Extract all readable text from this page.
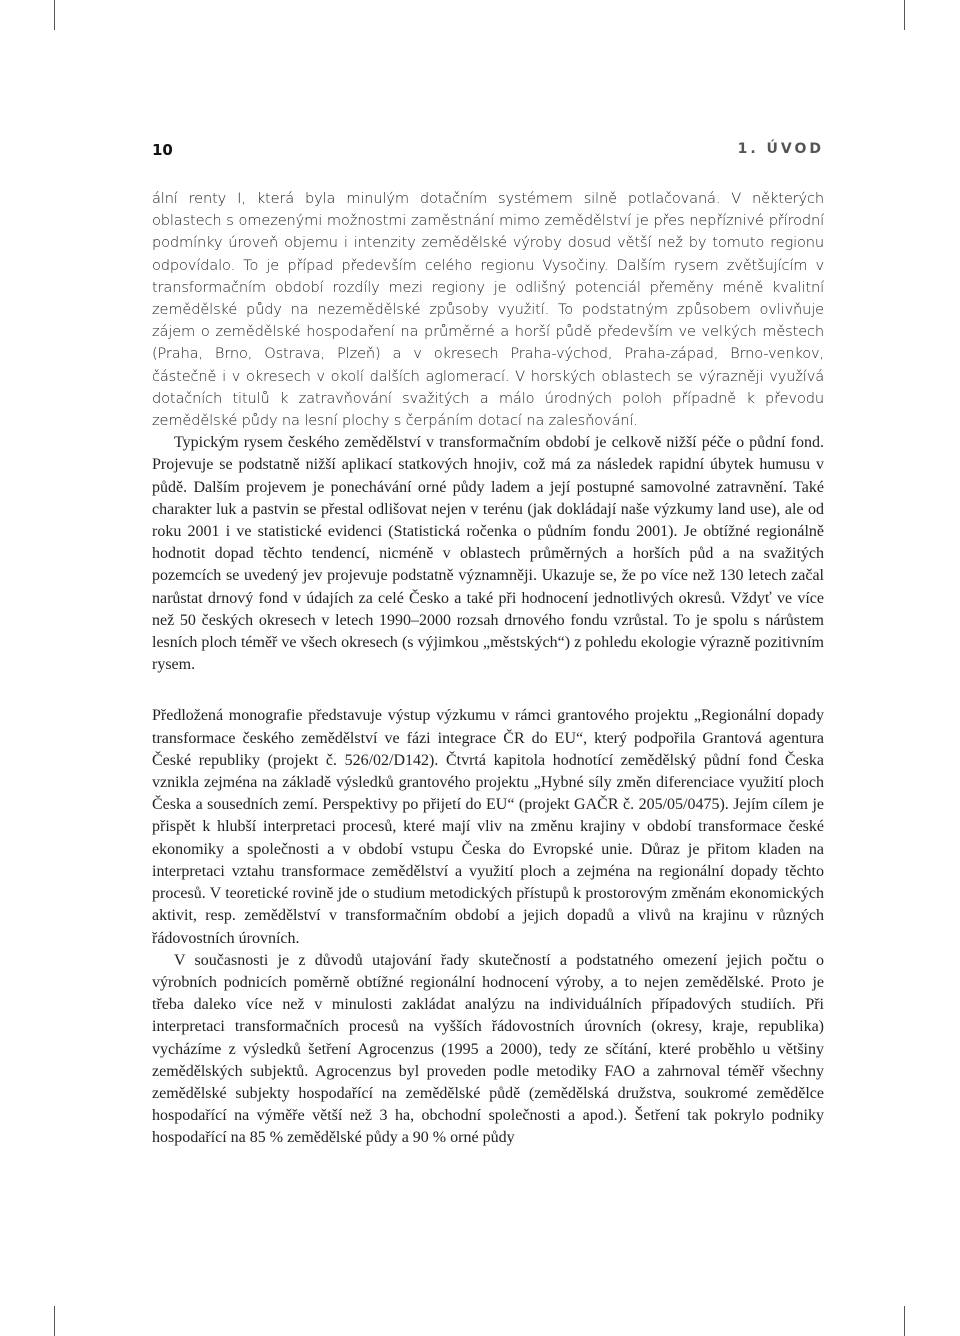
10	1. ÚVOD

ální renty I, která byla minulým dotačním systémem silně potlačovaná. V některých oblastech s omezenými možnostmi zaměstnání mimo zemědělství je přes nepříznivé přírodní podmínky úroveň objemu i intenzity zemědělské výroby dosud větší než by tomuto regionu odpovídalo. To je případ především celého regionu Vysočiny. Dalším rysem zvětšujícím v transformačním období rozdíly mezi regiony je odlišný potenciál přeměny méně kvalitní zemědělské půdy na nezemědělské způsoby využití. To podstatným způsobem ovlivňuje zájem o zemědělské hospodaření na průměrné a horší půdě především ve velkých městech (Praha, Brno, Ostrava, Plzeň) a v okresech Praha-východ, Praha-západ, Brno-venkov, částečně i v okresech v okolí dalších aglomerací. V horských oblastech se výrazněji využívá dotačních titulů k zatravňování svažitých a málo úrodných poloh případně k převodu zemědělské půdy na lesní plochy s čerpáním dotací na zalesňování.

Typickým rysem českého zemědělství v transformačním období je celkově nižší péče o půdní fond. Projevuje se podstatně nižší aplikací statkových hnojiv, což má za následek rapidní úbytek humusu v půdě. Dalším projevem je ponechávání orné půdy ladem a její postupné samovolné zatravnění. Také charakter luk a pastvin se přestal odlišovat nejen v terénu (jak dokládají naše výzkumy land use), ale od roku 2001 i ve statistické evidenci (Statistická ročenka o půdním fondu 2001). Je obtížné regionálně hodnotit dopad těchto tendencí, nicméně v oblastech průměrných a horších půd a na svažitých pozemcích se uvedený jev projevuje podstatně významněji. Ukazuje se, že po více než 130 letech začal narůstat drnový fond v údajích za celé Česko a také při hodnocení jednotlivých okresů. Vždyť ve více než 50 českých okresech v letech 1990–2000 rozsah drnového fondu vzrůstal. To je spolu s nárůstem lesních ploch téměř ve všech okresech (s výjimkou „městských“) z pohledu ekologie výrazně pozitivním rysem.

Předložená monografie představuje výstup výzkumu v rámci grantového projektu „Regionální dopady transformace českého zemědělství ve fázi integrace ČR do EU“, který podpořila Grantová agentura České republiky (projekt č. 526/02/D142). Čtvrtá kapitola hodnotící zemědělský půdní fond Česka vznikla zejména na základě výsledků grantového projektu „Hybné síly změn diferenciace využití ploch Česka a sousedních zemí. Perspektivy po přijetí do EU“ (projekt GAČR č. 205/05/0475). Jejím cílem je přispět k hlubší interpretaci procesů, které mají vliv na změnu krajiny v období transformace české ekonomiky a společnosti a v období vstupu Česka do Evropské unie. Důraz je přitom kladen na interpretaci vztahu transformace zemědělství a využití ploch a zejména na regionální dopady těchto procesů. V teoretické rovině jde o studium metodických přístupů k prostorovým změnám ekonomických aktivit, resp. zemědělství v transformačním období a jejich dopadů a vlivů na krajinu v různých řádovostních úrovních.

V současnosti je z důvodů utajování řady skutečností a podstatného omezení jejich počtu o výrobních podnicích poměrně obtížné regionální hodnocení výroby, a to nejen zemědělské. Proto je třeba daleko více než v minulosti zakládat analýzu na individuálních případových studiích. Při interpretaci transformačních procesů na vyšších řádovostních úrovních (okresy, kraje, republika) vycházíme z výsledků šetření Agrocenzus (1995 a 2000), tedy ze sčítání, které proběhlo u většiny zemědělských subjektů. Agrocenzus byl proveden podle metodiky FAO a zahrnoval téměř všechny zemědělské subjekty hospodařící na zemědělské půdě (zemědělská družstva, soukromé zemědělce hospodařící na výměře větší než 3 ha, obchodní společnosti a apod.). Šetření tak pokrylo podniky hospodařící na 85 % zemědělské půdy a 90 % orné půdy
